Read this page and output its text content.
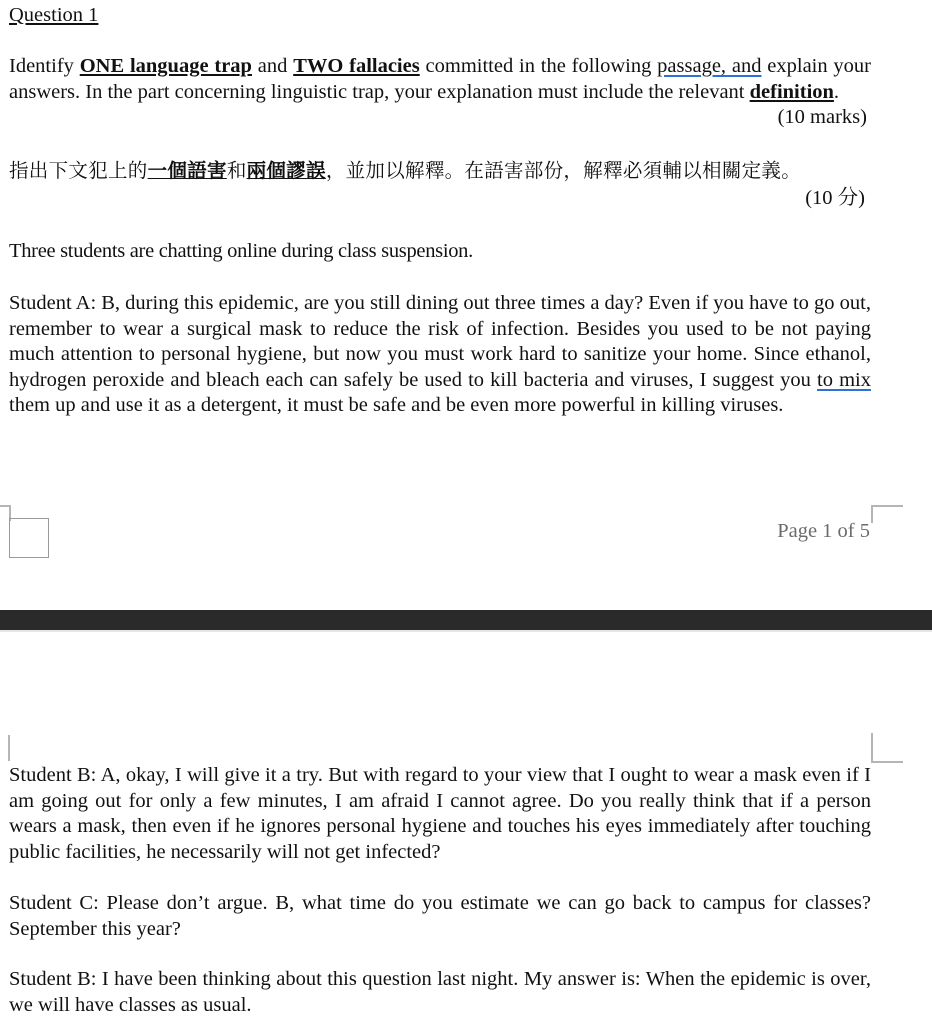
Question 1

Identify ONE language trap and TWO fallacies committed in the following passage, and explain your answers. In the part concerning linguistic trap, your explanation must include the relevant definition.

(10 marks)

指出下文犯上的一個語害和兩個謬誤，並加以解釋。在語害部份，解釋必須輔以相關定義。

(10 分)

Three students are chatting online during class suspension.

Student A: B, during this epidemic, are you still dining out three times a day? Even if you have to go out, remember to wear a surgical mask to reduce the risk of infection. Besides you used to be not paying much attention to personal hygiene, but now you must work hard to sanitize your home. Since ethanol, hydrogen peroxide and bleach each can safely be used to kill bacteria and viruses, I suggest you to mix them up and use it as a detergent, it must be safe and be even more powerful in killing viruses.

Page 1 of 5

Student B: A, okay, I will give it a try. But with regard to your view that I ought to wear a mask even if I am going out for only a few minutes, I am afraid I cannot agree. Do you really think that if a person wears a mask, then even if he ignores personal hygiene and touches his eyes immediately after touching public facilities, he necessarily will not get infected?

Student C: Please don’t argue. B, what time do you estimate we can go back to campus for classes? September this year?

Student B: I have been thinking about this question last night. My answer is: When the epidemic is over, we will have classes as usual.
